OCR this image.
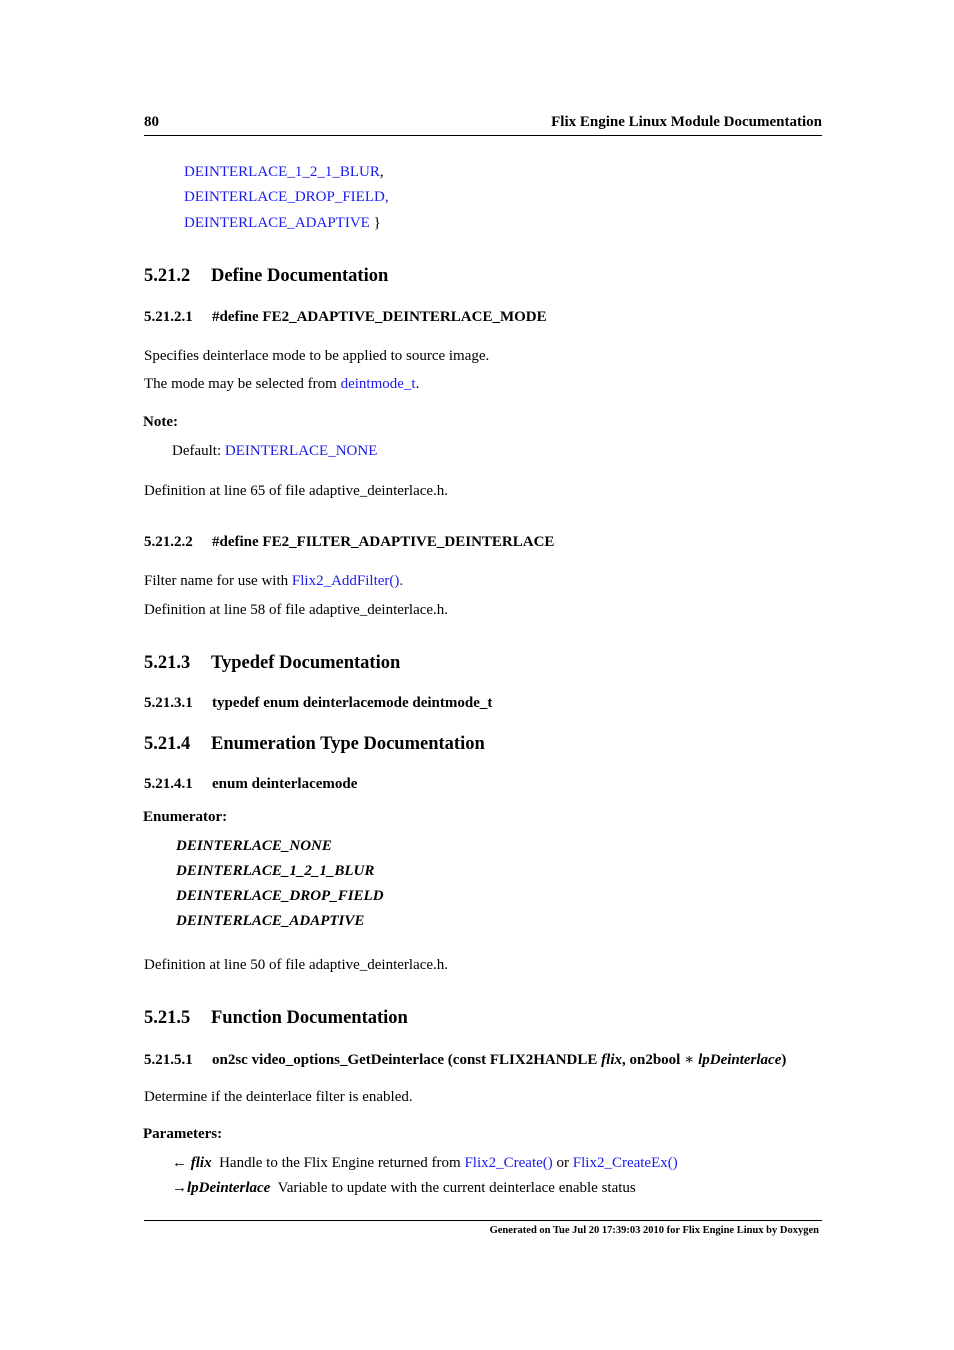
80	Flix Engine Linux Module Documentation
DEINTERLACE_1_2_1_BLUR,
DEINTERLACE_DROP_FIELD,
DEINTERLACE_ADAPTIVE }
5.21.2 Define Documentation
5.21.2.1 #define FE2_ADAPTIVE_DEINTERLACE_MODE
Specifies deinterlace mode to be applied to source image.
The mode may be selected from deintmode_t.
Note:
Default: DEINTERLACE_NONE
Definition at line 65 of file adaptive_deinterlace.h.
5.21.2.2 #define FE2_FILTER_ADAPTIVE_DEINTERLACE
Filter name for use with Flix2_AddFilter().
Definition at line 58 of file adaptive_deinterlace.h.
5.21.3 Typedef Documentation
5.21.3.1 typedef enum deinterlacemode deintmode_t
5.21.4 Enumeration Type Documentation
5.21.4.1 enum deinterlacemode
Enumerator:
DEINTERLACE_NONE
DEINTERLACE_1_2_1_BLUR
DEINTERLACE_DROP_FIELD
DEINTERLACE_ADAPTIVE
Definition at line 50 of file adaptive_deinterlace.h.
5.21.5 Function Documentation
5.21.5.1 on2sc video_options_GetDeinterlace (const FLIX2HANDLE flix, on2bool ∗ lpDeinterlace)
Determine if the deinterlace filter is enabled.
Parameters:
← flix Handle to the Flix Engine returned from Flix2_Create() or Flix2_CreateEx()
→lpDeinterlace Variable to update with the current deinterlace enable status
Generated on Tue Jul 20 17:39:03 2010 for Flix Engine Linux by Doxygen
